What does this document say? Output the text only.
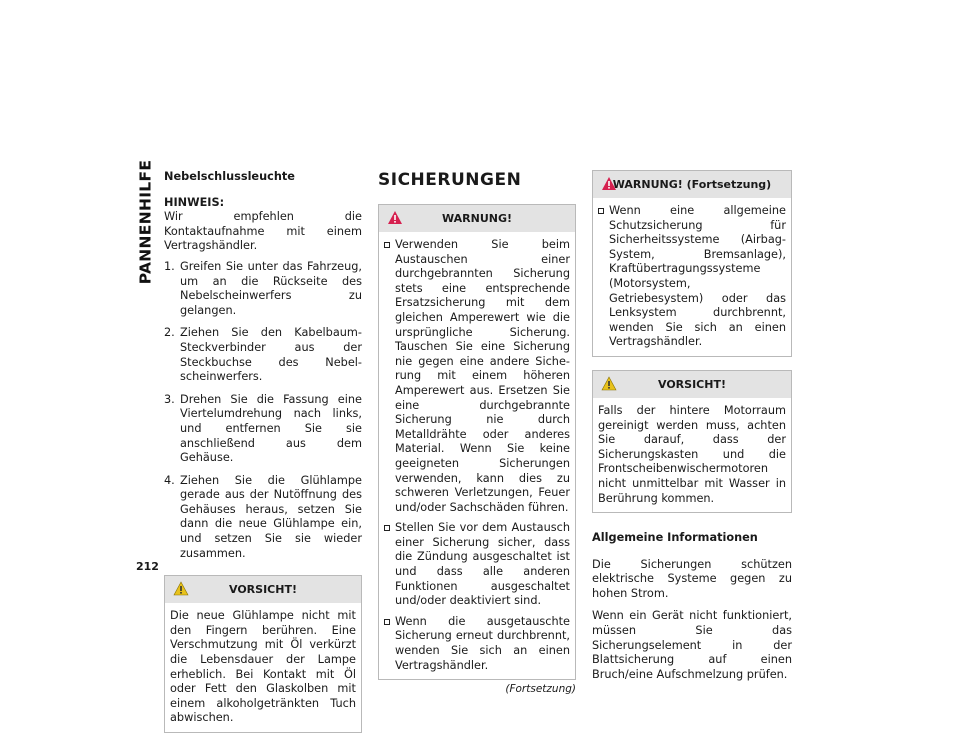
PANNENHILFE
212
Nebelschlussleuchte
HINWEIS:

Wir empfehlen die Kontaktaufnahme mit einem Vertragshändler.

1. Greifen Sie unter das Fahrzeug, um an die Rückseite des Nebelscheinwerfers zu gelangen.
2. Ziehen Sie den Kabelbaum-Steckverbinder aus der Steckbuchse des Nebelscheinwerfers.
3. Drehen Sie die Fassung eine Viertelumdrehung nach links, und entfernen Sie sie anschließend aus dem Gehäuse.
4. Ziehen Sie die Glühlampe gerade aus der Nutöffnung des Gehäuses heraus, setzen Sie dann die neue Glühlampe ein, und setzen Sie sie wieder zusammen.
VORSICHT!

Die neue Glühlampe nicht mit den Fingern berühren. Eine Verschmutzung mit Öl verkürzt die Lebensdauer der Lampe erheblich. Bei Kontakt mit Öl oder Fett den Glaskolben mit einem alkoholgetränkten Tuch abwischen.

SICHERUNGEN
WARNUNG!
Verwenden Sie beim Austauschen einer durchgebrannten Sicherung stets eine entsprechende Ersatzsicherung mit dem gleichen Amperewert wie die ursprüngliche Sicherung. Tauschen Sie eine Sicherung nie gegen eine andere Sicherung mit einem höheren Amperewert aus. Ersetzen Sie eine durchgebrannte Sicherung nie durch Metalldrähte oder anderes Material. Wenn Sie keine geeigneten Sicherungen verwenden, kann dies zu schweren Verletzungen, Feuer und/oder Sachschäden führen.
Stellen Sie vor dem Austausch einer Sicherung sicher, dass die Zündung ausgeschaltet ist und dass alle anderen Funktionen ausgeschaltet und/oder deaktiviert sind.
Wenn die ausgetauschte Sicherung erneut durchbrennt, wenden Sie sich an einen Vertragshändler.
(Fortsetzung)
WARNUNG! (Fortsetzung)
Wenn eine allgemeine Schutzsicherung für Sicherheitssysteme (Airbag-System, Bremsanlage), Kraftübertragungssysteme (Motorsystem, Getriebesystem) oder das Lenksystem durchbrennt, wenden Sie sich an einen Vertragshändler.
VORSICHT!

Falls der hintere Motorraum gereinigt werden muss, achten Sie darauf, dass der Sicherungskasten und die Frontscheibenwischermotoren nicht unmittelbar mit Wasser in Berührung kommen.

Allgemeine Informationen

Die Sicherungen schützen elektrische Systeme gegen zu hohen Strom.

Wenn ein Gerät nicht funktioniert, müssen Sie das Sicherungselement in der Blattsicherung auf einen Bruch/eine Aufschmelzung prüfen.
